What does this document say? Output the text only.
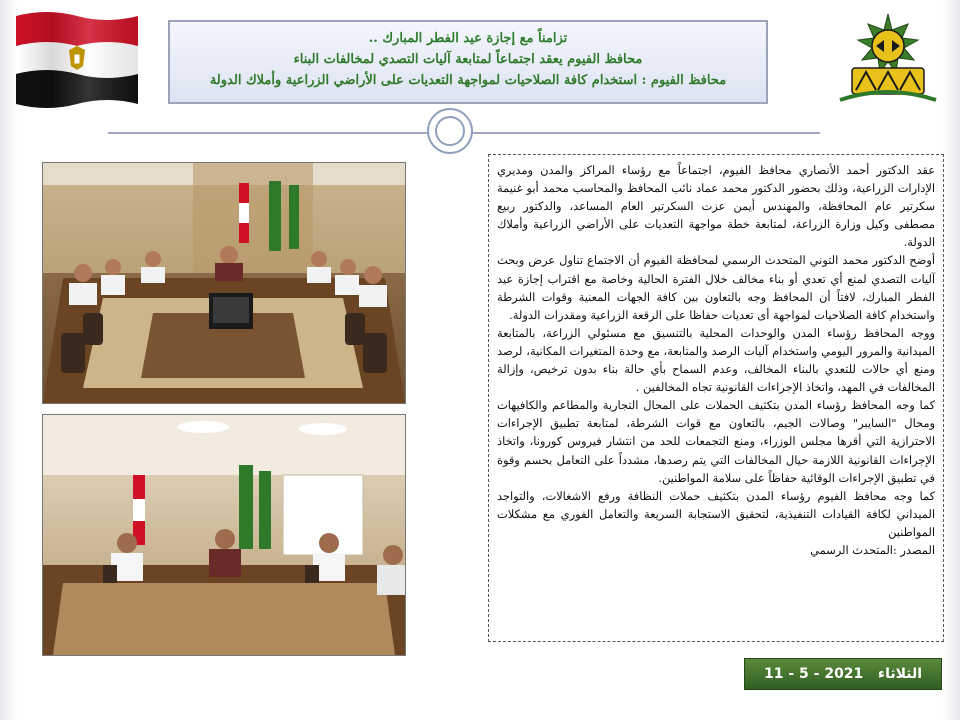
تزامناً مع إجازة عيد الفطر المبارك ..
محافظ الفيوم يعقد اجتماعاً لمتابعة آليات التصدي لمخالفات البناء
محافظ الفيوم : استخدام كافة الصلاحيات لمواجهة التعديات على الأراضي الزراعية وأملاك الدولة

عقد الدكتور أحمد الأنصاري محافظ الفيوم، اجتماعاً مع رؤساء المراكز والمدن ومديري الإدارات الزراعية، وذلك بحضور الدكتور محمد عماد نائب المحافظ والمحاسب محمد أبو غنيمة سكرتير عام المحافظة، والمهندس أيمن عزت السكرتير العام المساعد، والدكتور ربيع مصطفى وكيل وزارة الزراعة، لمتابعة خطة مواجهة التعديات على الأراضي الزراعية وأملاك الدولة.

أوضح الدكتور محمد التوني المتحدث الرسمي لمحافظة الفيوم أن الاجتماع تناول عرض وبحث آليات التصدي لمنع أي تعدي أو بناء مخالف خلال الفترة الحالية وخاصة مع اقتراب إجازة عيد الفطر المبارك، لافتاً أن المحافظ وجه بالتعاون بين كافة الجهات المعنية وقوات الشرطة واستخدام كافة الصلاحيات لمواجهة أى تعديات حفاظا على الرقعة الزراعية ومقدرات الدولة.

ووجه المحافظ رؤساء المدن والوحدات المحلية بالتنسيق مع مسئولي الزراعة، بالمتابعة الميدانية والمرور اليومي واستخدام آليات الرصد والمتابعة، مع وحدة المتغيرات المكانية، لرصد ومنع أي حالات للتعدي بالبناء المخالف، وعدم السماح بأي حالة بناء بدون ترخيص، وإزالة المخالفات في المهد، واتخاذ الإجراءات القانونية تجاه المخالفين .

كما وجه المحافظ رؤساء المدن بتكثيف الحملات على المحال التجارية والمطاعم والكافيهات ومحال "السايبر" وصالات الجيم، بالتعاون مع قوات الشرطة، لمتابعة تطبيق الإجراءات الاحترازية التي أقرها مجلس الوزراء، ومنع التجمعات للحد من انتشار فيروس كورونا، واتخاذ الإجراءات القانونية اللازمة حيال المخالفات التي يتم رصدها، مشدداً على التعامل بحسم وقوة في تطبيق الإجراءات الوقائية حفاظاً على سلامة المواطنين.

كما وجه محافظ الفيوم رؤساء المدن بتكثيف حملات النظافة ورفع الاشغالات، والتواجد الميداني لكافة القيادات التنفيذية، لتحقيق الاستجابة السريعة والتعامل الفوري مع مشكلات المواطنين

المصدر :المتحدث الرسمي

الثلاثاء   11 - 5 - 2021
